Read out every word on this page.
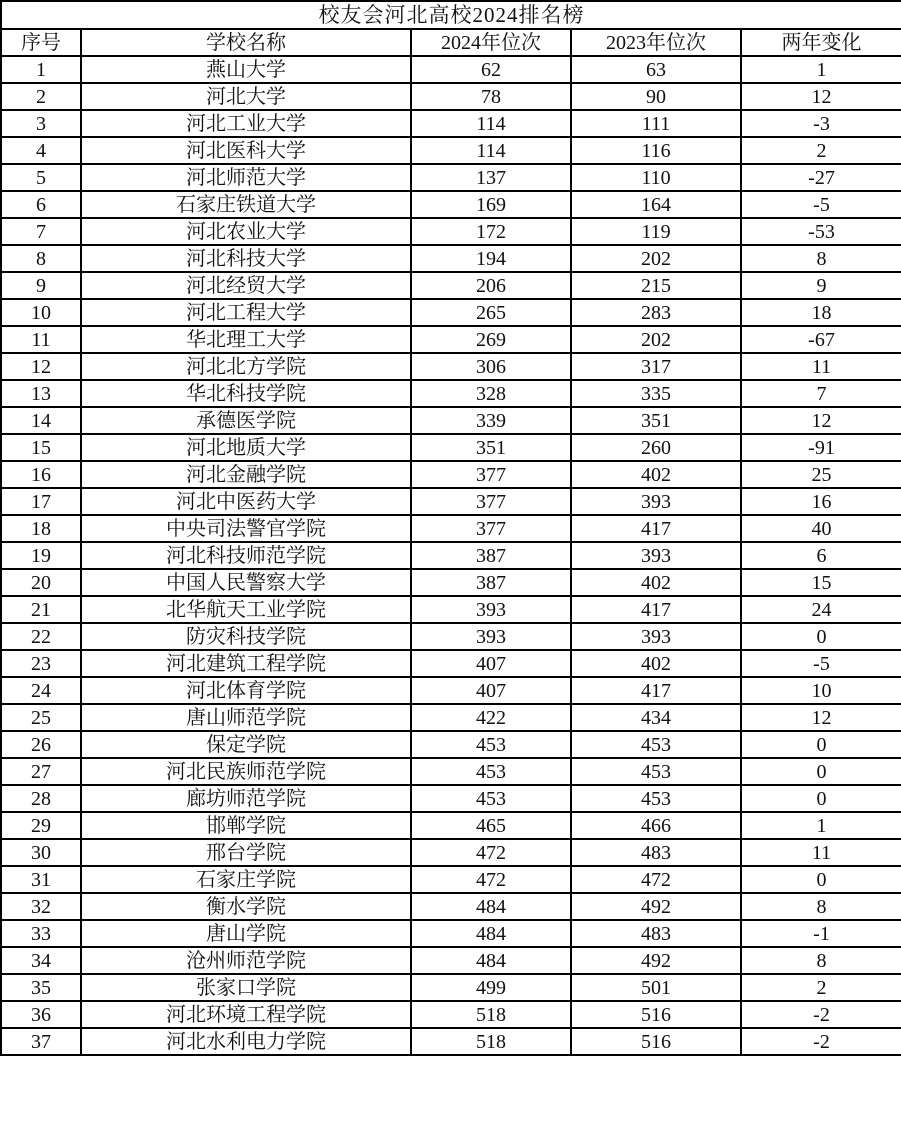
校友会河北高校2024排名榜				
序号	学校名称	2024年位次	2023年位次	两年变化
1	燕山大学	62	63	1
2	河北大学	78	90	12
3	河北工业大学	114	111	-3
4	河北医科大学	114	116	2
5	河北师范大学	137	110	-27
6	石家庄铁道大学	169	164	-5
7	河北农业大学	172	119	-53
8	河北科技大学	194	202	8
9	河北经贸大学	206	215	9
10	河北工程大学	265	283	18
11	华北理工大学	269	202	-67
12	河北北方学院	306	317	11
13	华北科技学院	328	335	7
14	承德医学院	339	351	12
15	河北地质大学	351	260	-91
16	河北金融学院	377	402	25
17	河北中医药大学	377	393	16
18	中央司法警官学院	377	417	40
19	河北科技师范学院	387	393	6
20	中国人民警察大学	387	402	15
21	北华航天工业学院	393	417	24
22	防灾科技学院	393	393	0
23	河北建筑工程学院	407	402	-5
24	河北体育学院	407	417	10
25	唐山师范学院	422	434	12
26	保定学院	453	453	0
27	河北民族师范学院	453	453	0
28	廊坊师范学院	453	453	0
29	邯郸学院	465	466	1
30	邢台学院	472	483	11
31	石家庄学院	472	472	0
32	衡水学院	484	492	8
33	唐山学院	484	483	-1
34	沧州师范学院	484	492	8
35	张家口学院	499	501	2
36	河北环境工程学院	518	516	-2
37	河北水利电力学院	518	516	-2
